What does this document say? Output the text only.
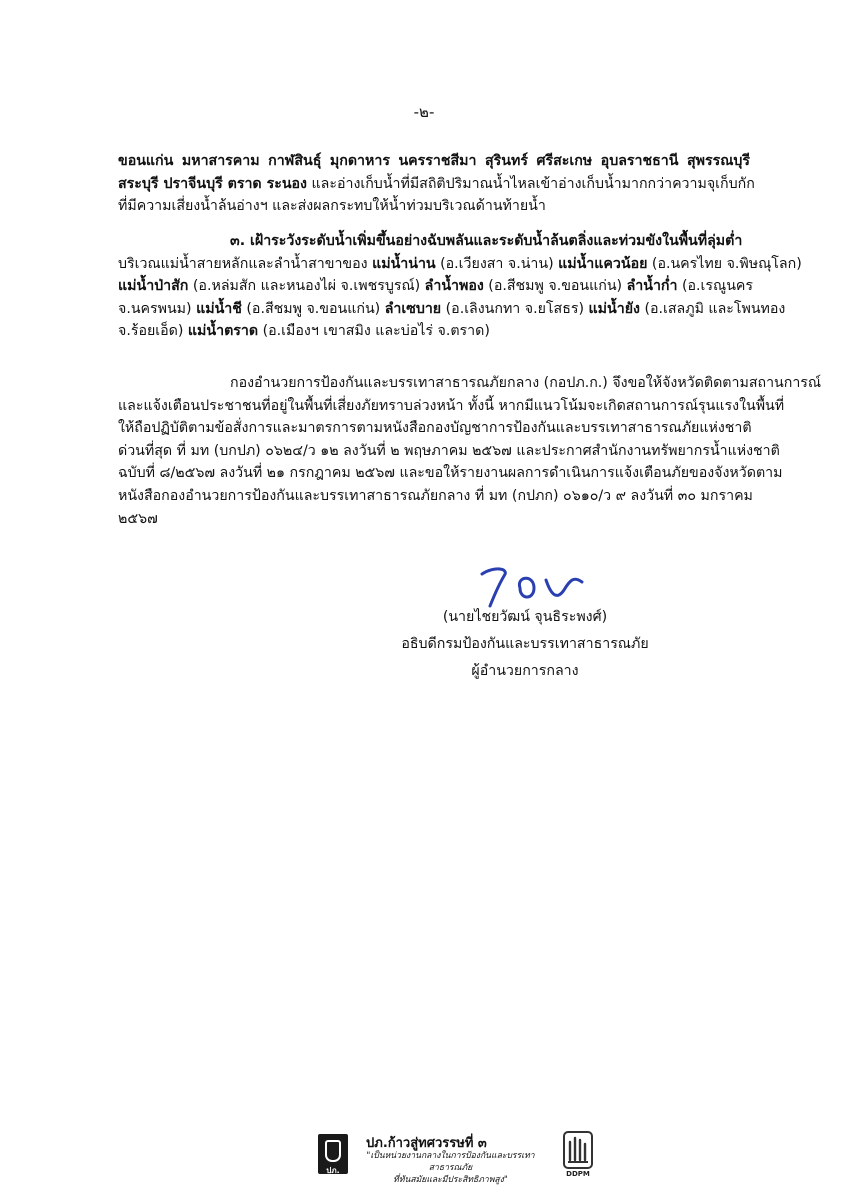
-๒-
ขอนแก่น มหาสารคาม กาฬสินธุ์ มุกดาหาร นครราชสีมา สุรินทร์ ศรีสะเกษ อุบลราชธานี สุพรรณบุรี
สระบุรี ปราจีนบุรี ตราด ระนอง และอ่างเก็บน้ำที่มีสถิติปริมาณน้ำไหลเข้าอ่างเก็บน้ำมากกว่าความจุเก็บกัก
ที่มีความเสี่ยงน้ำล้นอ่างฯ และส่งผลกระทบให้น้ำท่วมบริเวณด้านท้ายน้ำ
๓. เฝ้าระวังระดับน้ำเพิ่มขึ้นอย่างฉับพลันและระดับน้ำล้นตลิ่งและท่วมขังในพื้นที่ลุ่มต่ำ
บริเวณแม่น้ำสายหลักและลำน้ำสาขาของ แม่น้ำน่าน (อ.เวียงสา จ.น่าน) แม่น้ำแควน้อย (อ.นครไทย จ.พิษณุโลก)
แม่น้ำป่าสัก (อ.หล่มสัก และหนองไผ่ จ.เพชรบูรณ์) ลำน้ำพอง (อ.สีชมพู จ.ขอนแก่น) ลำน้ำก่ำ (อ.เรณูนคร
จ.นครพนม) แม่น้ำชี (อ.สีชมพู จ.ขอนแก่น) ลำเซบาย (อ.เลิงนกทา จ.ยโสธร) แม่น้ำยัง (อ.เสลภูมิ และโพนทอง
จ.ร้อยเอ็ด) แม่น้ำตราด (อ.เมืองฯ เขาสมิง และบ่อไร่ จ.ตราด)
กองอำนวยการป้องกันและบรรเทาสาธารณภัยกลาง (กอปภ.ก.) จึงขอให้จังหวัดติดตามสถานการณ์
และแจ้งเตือนประชาชนที่อยู่ในพื้นที่เสี่ยงภัยทราบล่วงหน้า ทั้งนี้ หากมีแนวโน้มจะเกิดสถานการณ์รุนแรงในพื้นที่
ให้ถือปฏิบัติตามข้อสั่งการและมาตรการตามหนังสือกองบัญชาการป้องกันและบรรเทาสาธารณภัยแห่งชาติ
ด่วนที่สุด ที่ มท (บกปภ) ๐๖๒๔/ว ๑๒ ลงวันที่ ๒ พฤษภาคม ๒๕๖๗ และประกาศสำนักงานทรัพยากรน้ำแห่งชาติ
ฉบับที่ ๘/๒๕๖๗ ลงวันที่ ๒๑ กรกฎาคม ๒๕๖๗ และขอให้รายงานผลการดำเนินการแจ้งเตือนภัยของจังหวัดตาม
หนังสือกองอำนวยการป้องกันและบรรเทาสาธารณภัยกลาง ที่ มท (กปภก) ๐๖๑๐/ว ๙ ลงวันที่ ๓๐ มกราคม
๒๕๖๗
(นายไชยวัฒน์ จุนธิระพงศ์)
อธิบดีกรมป้องกันและบรรเทาสาธารณภัย
ผู้อำนวยการกลาง
ปภ.
ปภ.ก้าวสู่ทศวรรษที่ ๓
"เป็นหน่วยงานกลางในการป้องกันและบรรเทาสาธารณภัย
ที่ทันสมัยและมีประสิทธิภาพสูง"
DDPM
